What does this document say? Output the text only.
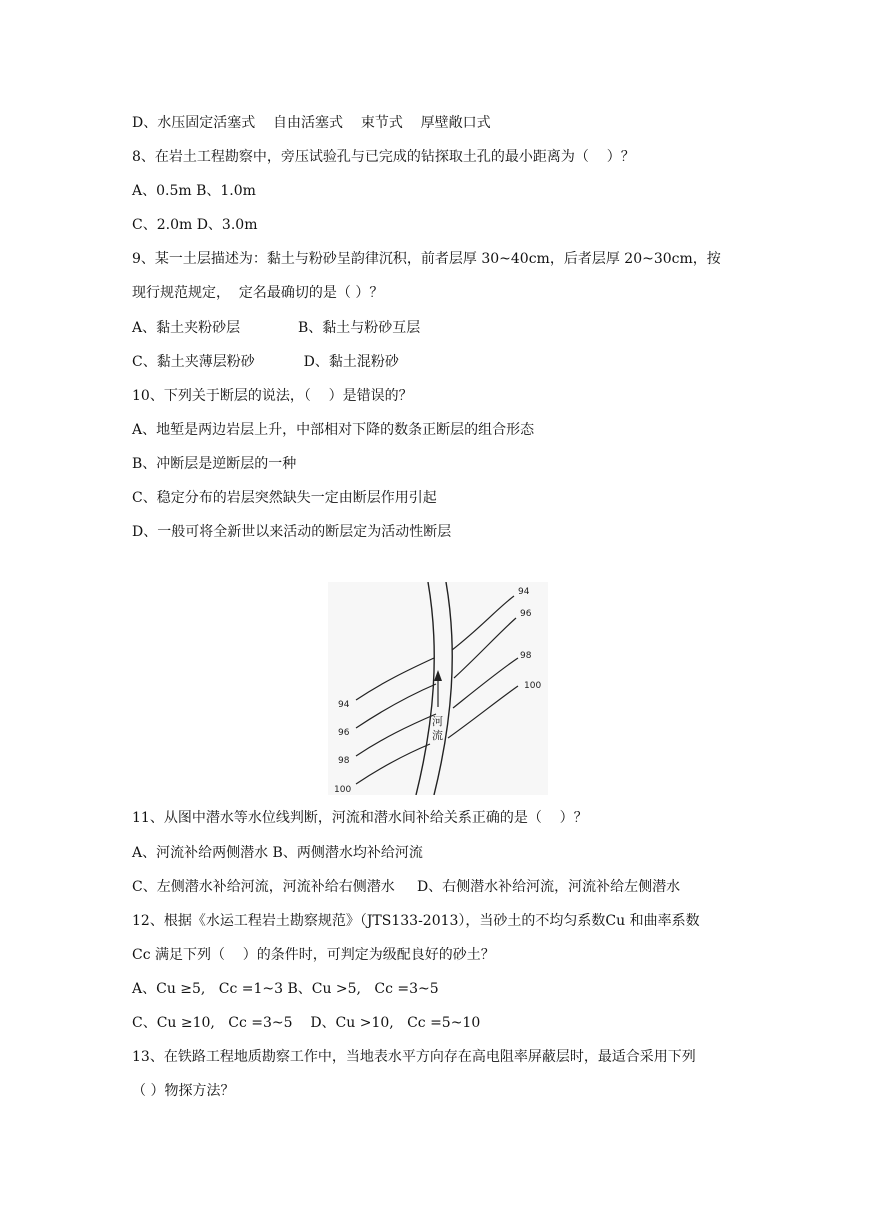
D、水压固定活塞式    自由活塞式    束节式    厚壁敞口式
8、在岩土工程勘察中，旁压试验孔与已完成的钻探取土孔的最小距离为（    ）？
A、0.5m B、1.0m
C、2.0m D、3.0m
9、某一土层描述为：黏土与粉砂呈韵律沉积，前者层厚 30~40cm，后者层厚 20~30cm，按
现行规范规定，  定名最确切的是（ ）？
A、黏土夹粉砂层             B、黏土与粉砂互层
C、黏土夹薄层粉砂           D、黏土混粉砂
10、下列关于断层的说法，（    ）是错误的？
A、地堑是两边岩层上升，中部相对下降的数条正断层的组合形态
B、冲断层是逆断层的一种
C、稳定分布的岩层突然缺失一定由断层作用引起
D、一般可将全新世以来活动的断层定为活动性断层
河
流
94
96
98
100
94
96
98
100
11、从图中潜水等水位线判断，河流和潜水间补给关系正确的是（    ）？
A、河流补给两侧潜水 B、两侧潜水均补给河流
C、左侧潜水补给河流，河流补给右侧潜水     D、右侧潜水补给河流，河流补给左侧潜水
12、根据《水运工程岩土勘察规范》（JTS133-2013），当砂土的不均匀系数Cu 和曲率系数
Cc 满足下列（    ）的条件时，可判定为级配良好的砂土？
A、Cu ≥5,   Cc =1~3 B、Cu >5,   Cc =3~5
C、Cu ≥10,   Cc =3~5    D、Cu >10,   Cc =5~10
13、在铁路工程地质勘察工作中，当地表水平方向存在高电阻率屏蔽层时，最适合采用下列
（ ）物探方法？
